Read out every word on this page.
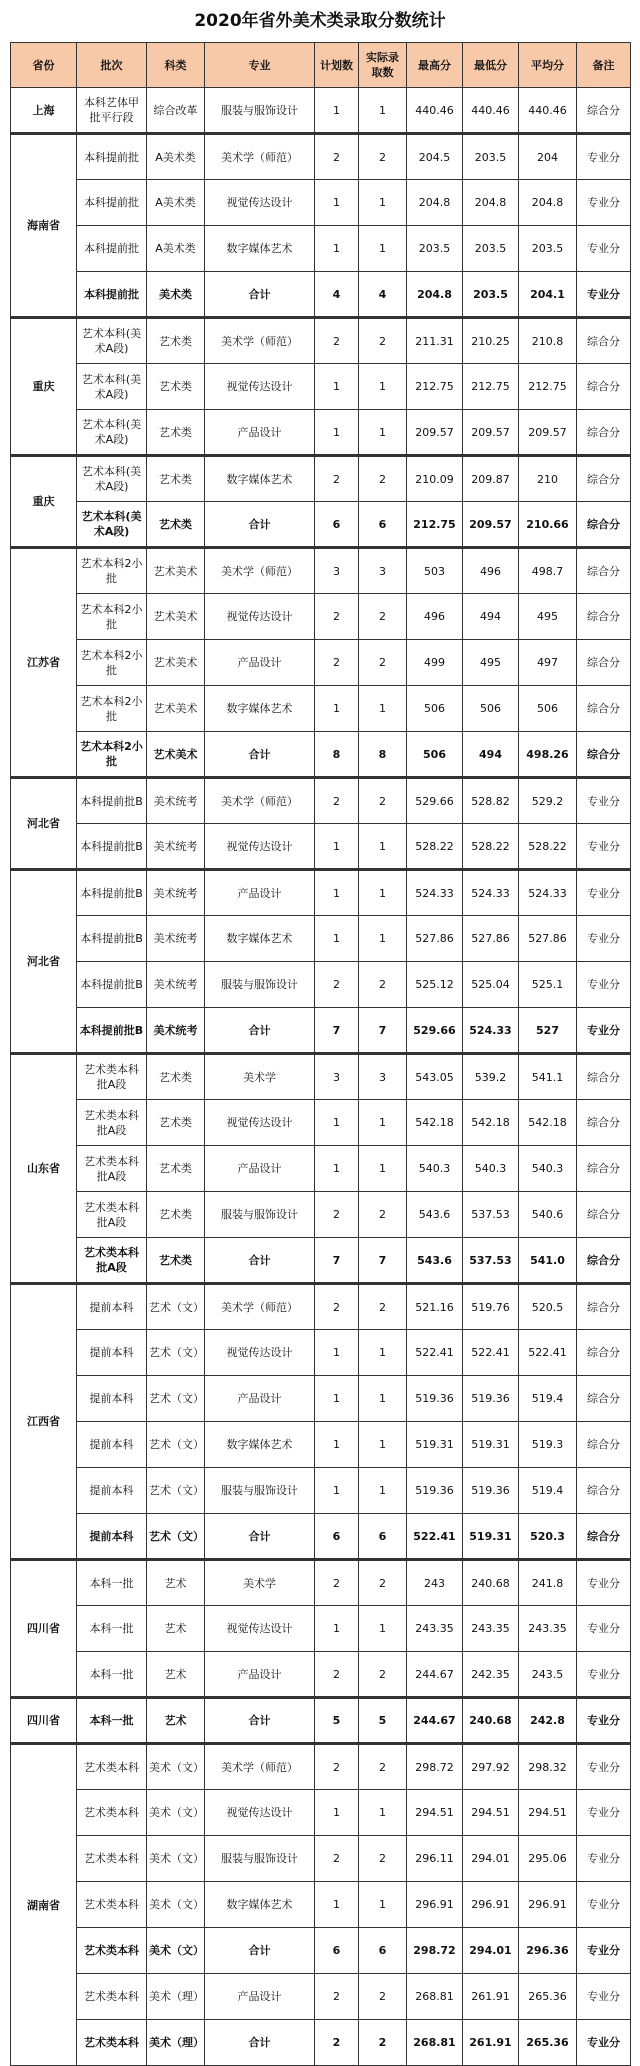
2020年省外美术类录取分数统计
省份	批次	科类	专业	计划数	实际录取数	最高分	最低分	平均分	备注
上海	本科艺体甲批平行段	综合改革	服装与服饰设计	1	1	440.46	440.46	440.46	综合分
海南省	本科提前批	A美术类	美术学（师范）	2	2	204.5	203.5	204	专业分
	本科提前批	A美术类	视觉传达设计	1	1	204.8	204.8	204.8	专业分
	本科提前批	A美术类	数字媒体艺术	1	1	203.5	203.5	203.5	专业分
	本科提前批	美术类	合计	4	4	204.8	203.5	204.1	专业分
重庆	艺术本科(美术A段)	艺术类	美术学（师范）	2	2	211.31	210.25	210.8	综合分
	艺术本科(美术A段)	艺术类	视觉传达设计	1	1	212.75	212.75	212.75	综合分
	艺术本科(美术A段)	艺术类	产品设计	1	1	209.57	209.57	209.57	综合分
重庆	艺术本科(美术A段)	艺术类	数字媒体艺术	2	2	210.09	209.87	210	综合分
	艺术本科(美术A段)	艺术类	合计	6	6	212.75	209.57	210.66	综合分
江苏省	艺术本科2小批	艺术美术	美术学（师范）	3	3	503	496	498.7	综合分
	艺术本科2小批	艺术美术	视觉传达设计	2	2	496	494	495	综合分
	艺术本科2小批	艺术美术	产品设计	2	2	499	495	497	综合分
	艺术本科2小批	艺术美术	数字媒体艺术	1	1	506	506	506	综合分
	艺术本科2小批	艺术美术	合计	8	8	506	494	498.26	综合分
河北省	本科提前批B	美术统考	美术学（师范）	2	2	529.66	528.82	529.2	专业分
	本科提前批B	美术统考	视觉传达设计	1	1	528.22	528.22	528.22	专业分
河北省	本科提前批B	美术统考	产品设计	1	1	524.33	524.33	524.33	专业分
	本科提前批B	美术统考	数字媒体艺术	1	1	527.86	527.86	527.86	专业分
	本科提前批B	美术统考	服装与服饰设计	2	2	525.12	525.04	525.1	专业分
	本科提前批B	美术统考	合计	7	7	529.66	524.33	527	专业分
山东省	艺术类本科批A段	艺术类	美术学	3	3	543.05	539.2	541.1	综合分
	艺术类本科批A段	艺术类	视觉传达设计	1	1	542.18	542.18	542.18	综合分
	艺术类本科批A段	艺术类	产品设计	1	1	540.3	540.3	540.3	综合分
	艺术类本科批A段	艺术类	服装与服饰设计	2	2	543.6	537.53	540.6	综合分
	艺术类本科批A段	艺术类	合计	7	7	543.6	537.53	541.0	综合分
江西省	提前本科	艺术（文）	美术学（师范）	2	2	521.16	519.76	520.5	综合分
	提前本科	艺术（文）	视觉传达设计	1	1	522.41	522.41	522.41	综合分
	提前本科	艺术（文）	产品设计	1	1	519.36	519.36	519.4	综合分
	提前本科	艺术（文）	数字媒体艺术	1	1	519.31	519.31	519.3	综合分
	提前本科	艺术（文）	服装与服饰设计	1	1	519.36	519.36	519.4	综合分
	提前本科	艺术（文）	合计	6	6	522.41	519.31	520.3	综合分
四川省	本科一批	艺术	美术学	2	2	243	240.68	241.8	专业分
	本科一批	艺术	视觉传达设计	1	1	243.35	243.35	243.35	专业分
	本科一批	艺术	产品设计	2	2	244.67	242.35	243.5	专业分
四川省	本科一批	艺术	合计	5	5	244.67	240.68	242.8	专业分
湖南省	艺术类本科	美术（文）	美术学（师范）	2	2	298.72	297.92	298.32	专业分
	艺术类本科	美术（文）	视觉传达设计	1	1	294.51	294.51	294.51	专业分
	艺术类本科	美术（文）	服装与服饰设计	2	2	296.11	294.01	295.06	专业分
	艺术类本科	美术（文）	数字媒体艺术	1	1	296.91	296.91	296.91	专业分
	艺术类本科	美术（文）	合计	6	6	298.72	294.01	296.36	专业分
	艺术类本科	美术（理）	产品设计	2	2	268.81	261.91	265.36	专业分
	艺术类本科	美术（理）	合计	2	2	268.81	261.91	265.36	专业分
